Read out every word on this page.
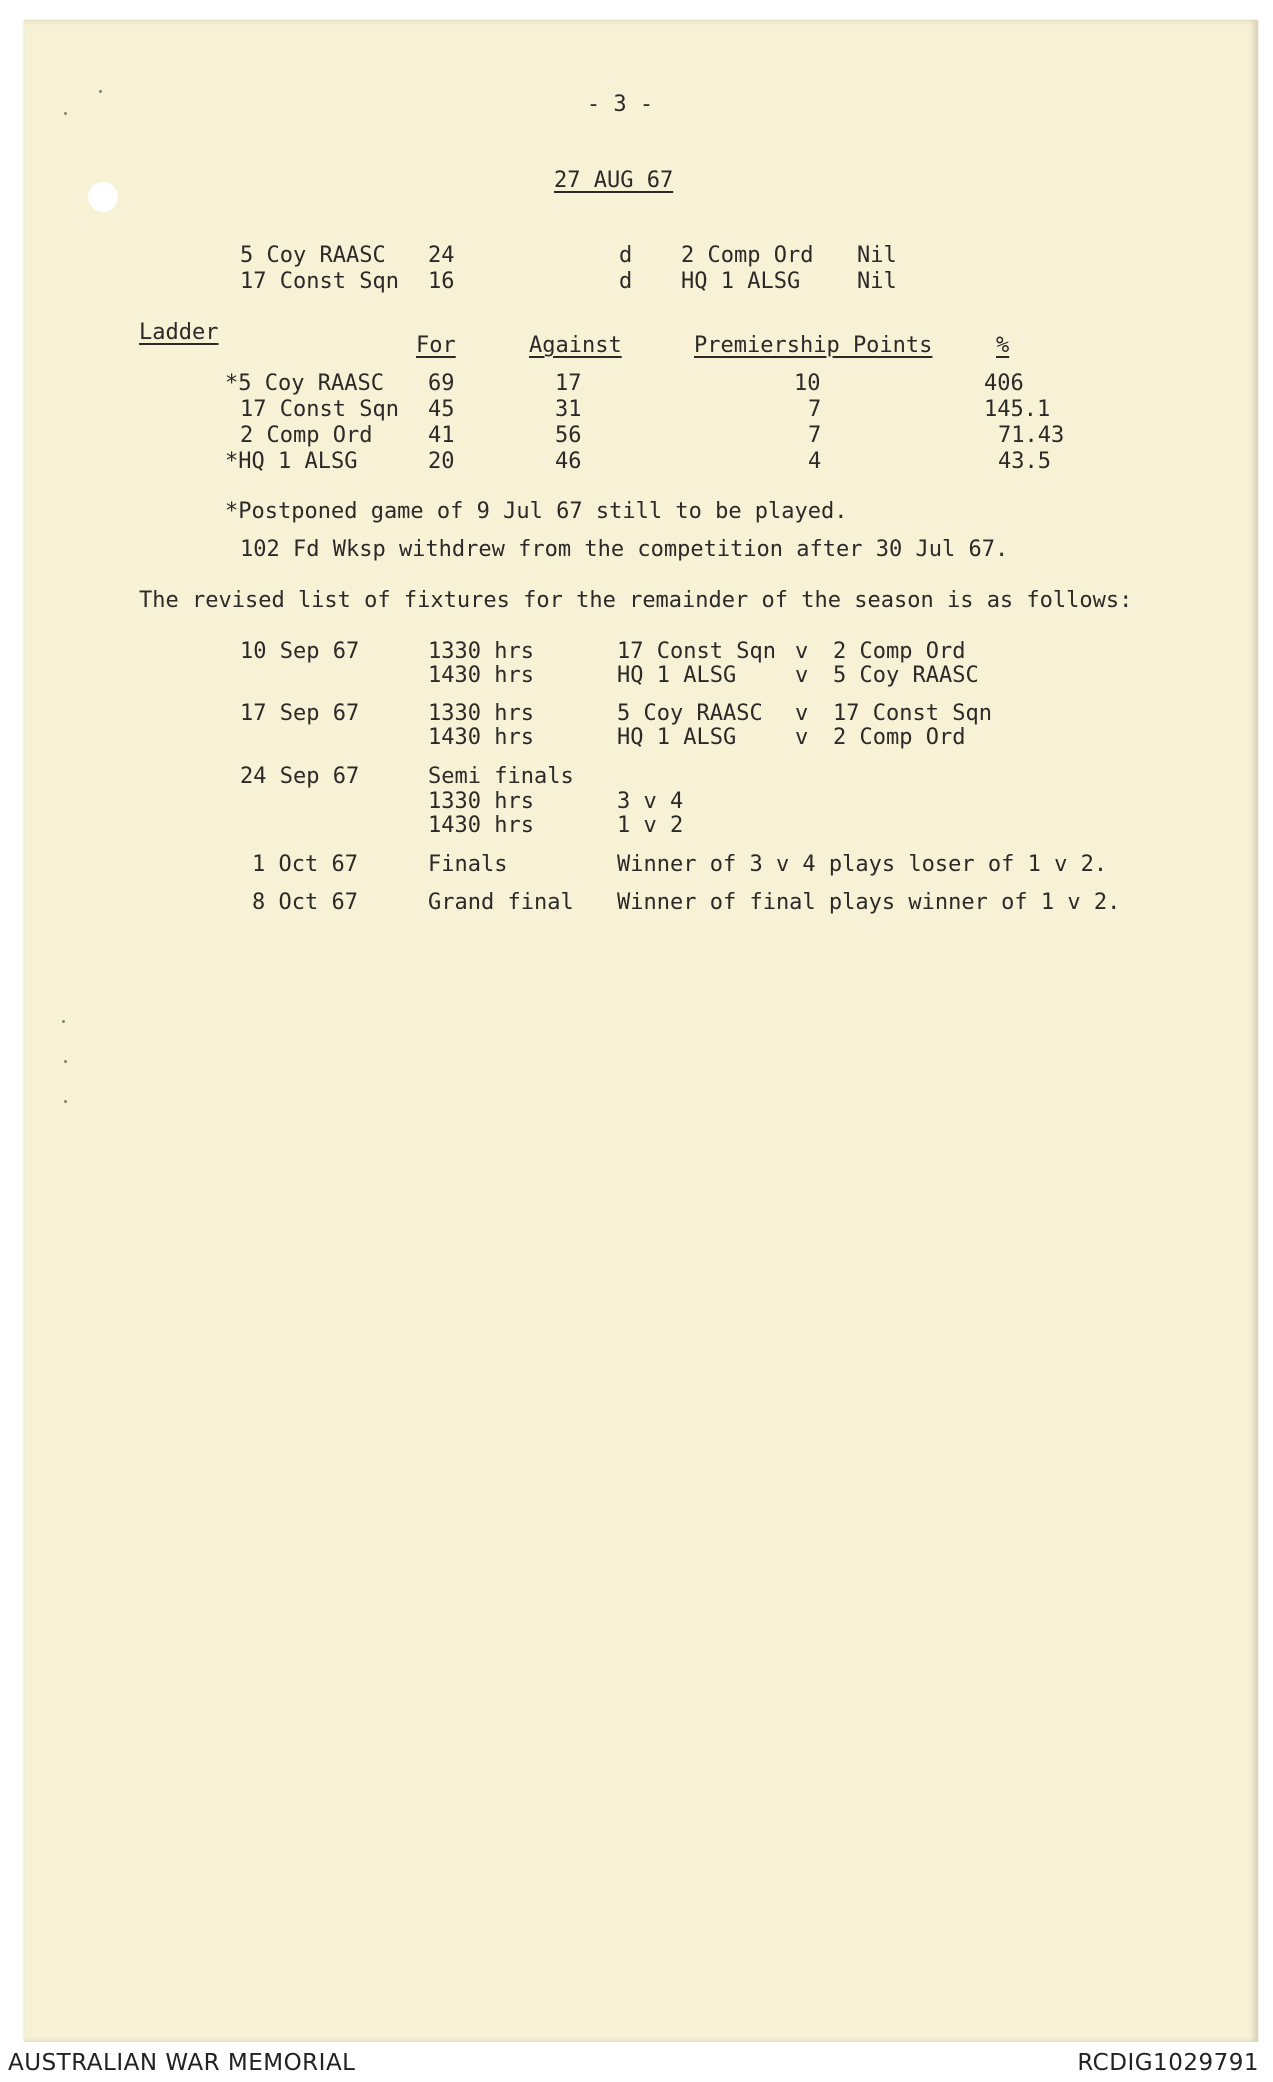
- 3 -
27 AUG 67
5 Coy RAASC 24	d 2 Comp Ord Nil
17 Const Sqn 16	d HQ 1 ALSG	Nil
Ladder
For	Against	Premiership Points	%
*5 Coy RAASC 69	17	10	406
17 Const Sqn 45	31	7	145.1
2 Comp Ord	41	56	7	71.43
*HQ 1 ALSG	20	46	4	43.5
*Postponed game of 9 Jul 67 still to be played.
102 Fd Wksp withdrew from the competition after 30 Jul 67.
The revised list of fixtures for the remainder of the season is as follows:
10 Sep 67	1330 hrs	17 Const Sqn v 2 Comp Ord
1430 hrs	HQ 1 ALSG	v 5 Coy RAASC
17 Sep 67	1330 hrs	5 Coy RAASC v 17 Const Sqn
1430 hrs	HQ 1 ALSG	v 2 Comp Ord
24 Sep 67	Semi finals
1330 hrs	3 v 4
1430 hrs	1 v 2
1 Oct 67	Finals	Winner of 3 v 4 plays loser of 1 v 2.
8 Oct 67	Grand final Winner of final plays winner of 1 v 2.
AUSTRALIAN WAR MEMORIAL	RCDIG1029791
